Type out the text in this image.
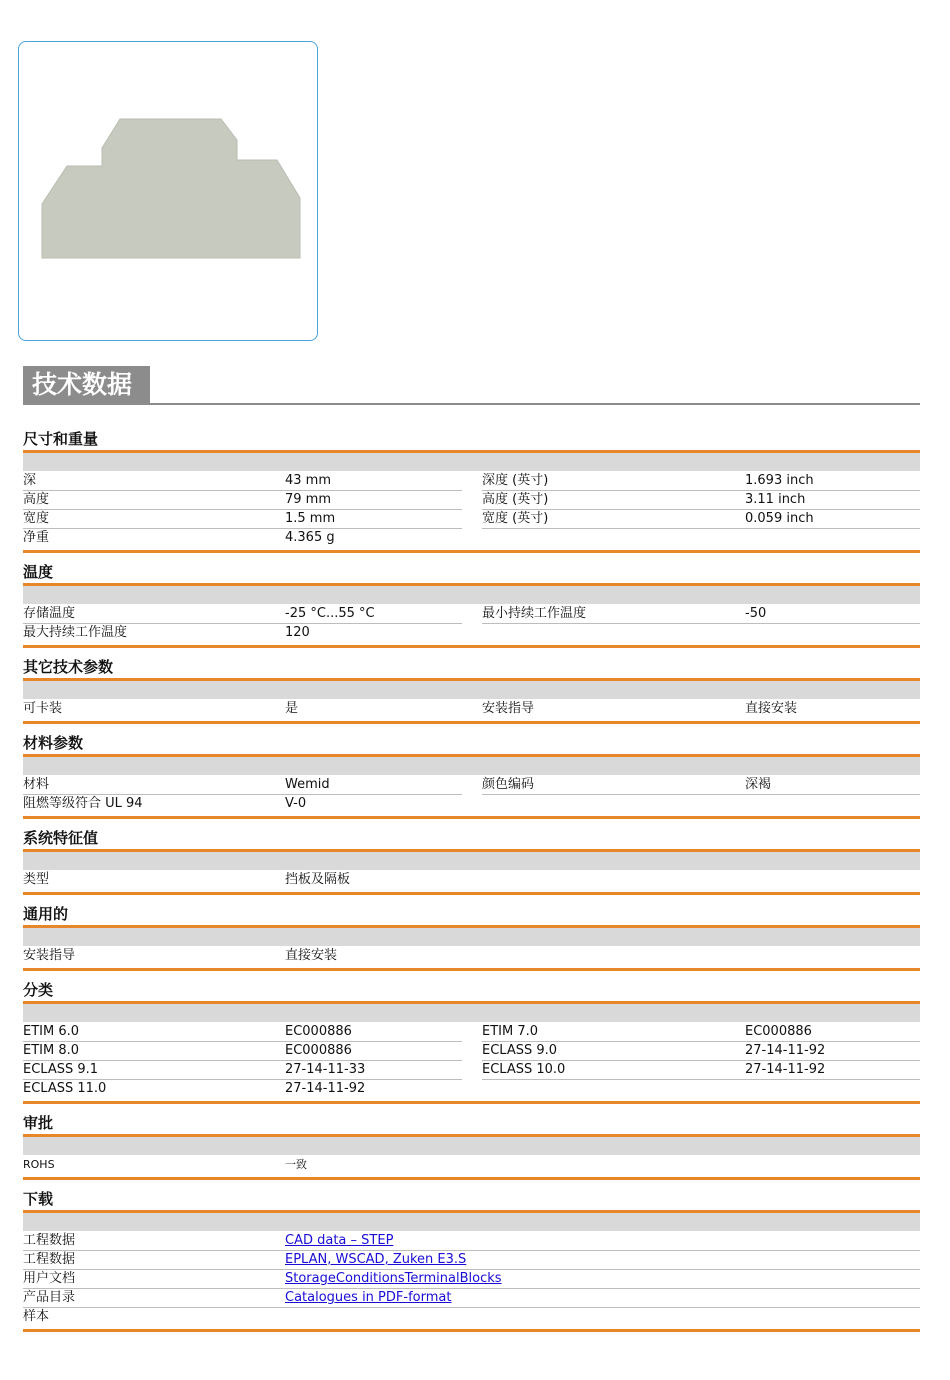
技术数据
尺寸和重量
深	43 mm	深度 (英寸)	1.693 inch
高度	79 mm	高度 (英寸)	3.11 inch
宽度	1.5 mm	宽度 (英寸)	0.059 inch
净重	4.365 g
温度
存储温度	-25 °C...55 °C	最小持续工作温度	-50
最大持续工作温度	120
其它技术参数
可卡装	是	安装指导	直接安装
材料参数
材料	Wemid	颜色编码	深褐
阻燃等级符合 UL 94	V-0
系统特征值
类型	挡板及隔板
通用的
安装指导	直接安装
分类
ETIM 6.0	EC000886	ETIM 7.0	EC000886
ETIM 8.0	EC000886	ECLASS 9.0	27-14-11-92
ECLASS 9.1	27-14-11-33	ECLASS 10.0	27-14-11-92
ECLASS 11.0	27-14-11-92
审批
ROHS	一致
下载
工程数据	CAD data – STEP
工程数据	EPLAN, WSCAD, Zuken E3.S
用户文档	StorageConditionsTerminalBlocks
产品目录	Catalogues in PDF-format
样本
